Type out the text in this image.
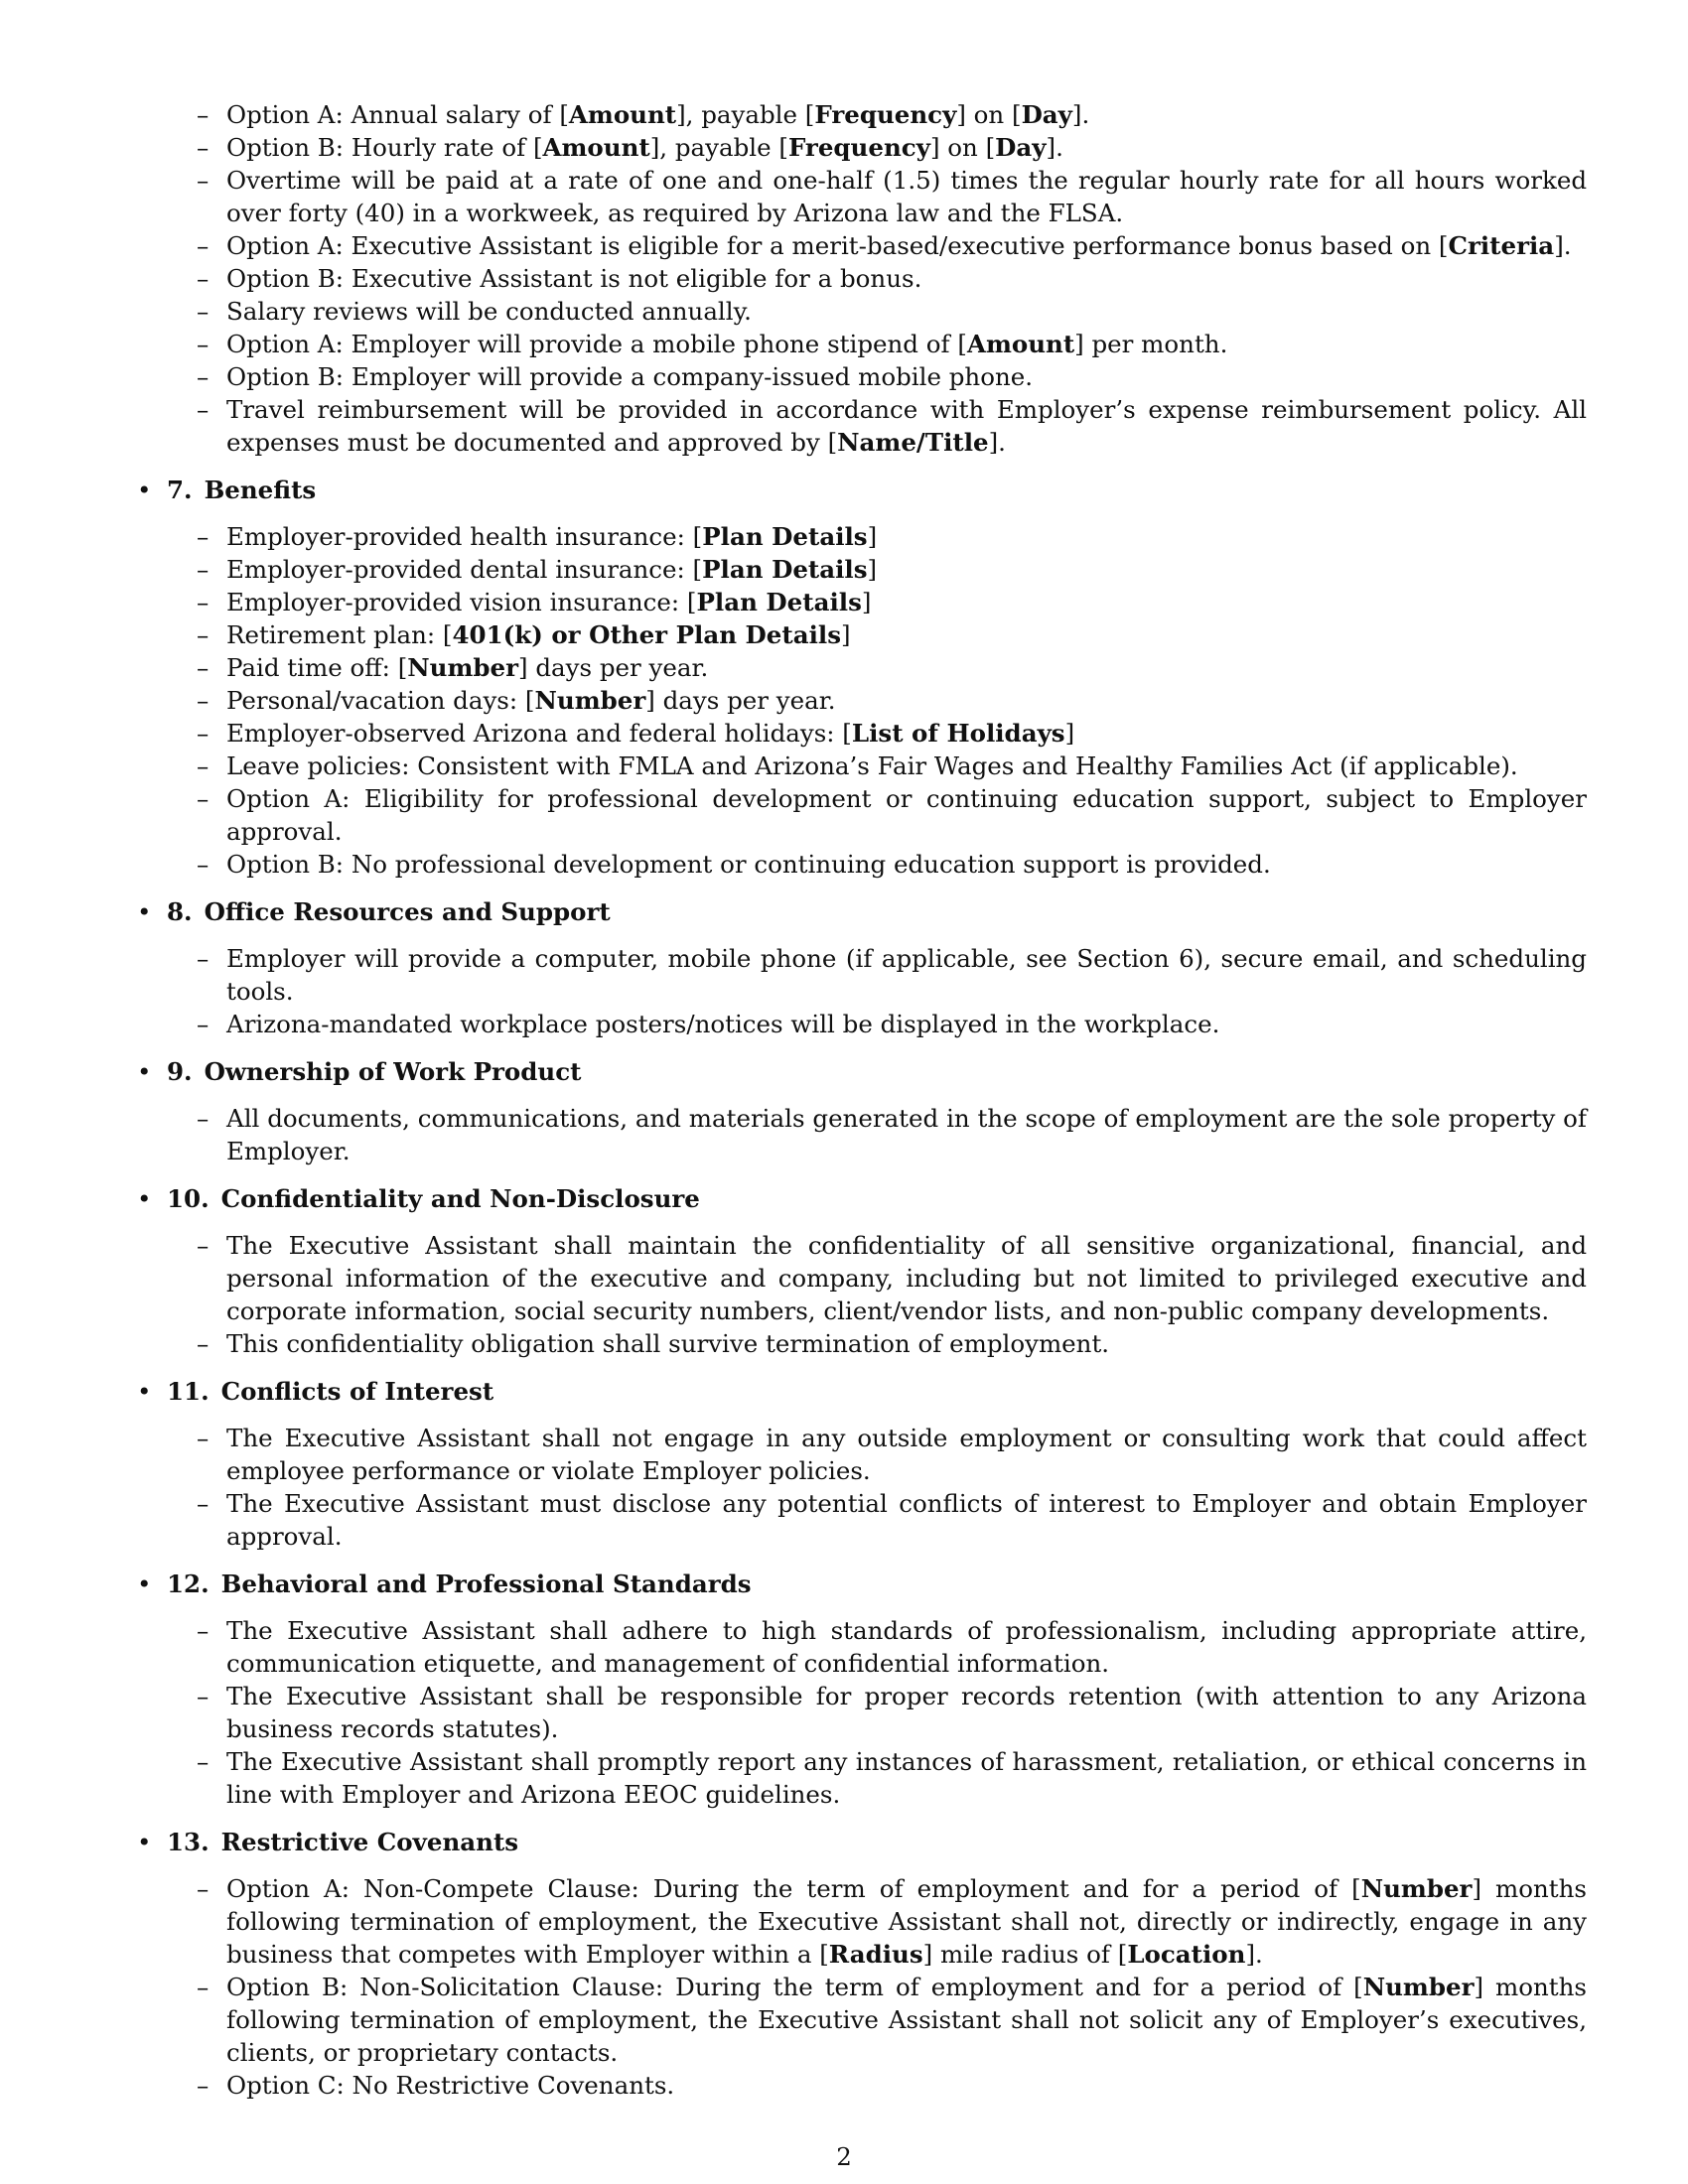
– Option A: Annual salary of [Amount], payable [Frequency] on [Day].
– Option B: Hourly rate of [Amount], payable [Frequency] on [Day].
– Overtime will be paid at a rate of one and one-half (1.5) times the regular hourly rate for all hours worked over forty (40) in a workweek, as required by Arizona law and the FLSA.
– Option A: Executive Assistant is eligible for a merit-based/executive performance bonus based on [Criteria].
– Option B: Executive Assistant is not eligible for a bonus.
– Salary reviews will be conducted annually.
– Option A: Employer will provide a mobile phone stipend of [Amount] per month.
– Option B: Employer will provide a company-issued mobile phone.
– Travel reimbursement will be provided in accordance with Employer’s expense reimbursement policy. All expenses must be documented and approved by [Name/Title].
• 7. Benefits
– Employer-provided health insurance: [Plan Details]
– Employer-provided dental insurance: [Plan Details]
– Employer-provided vision insurance: [Plan Details]
– Retirement plan: [401(k) or Other Plan Details]
– Paid time off: [Number] days per year.
– Personal/vacation days: [Number] days per year.
– Employer-observed Arizona and federal holidays: [List of Holidays]
– Leave policies: Consistent with FMLA and Arizona’s Fair Wages and Healthy Families Act (if applicable).
– Option A: Eligibility for professional development or continuing education support, subject to Employer approval.
– Option B: No professional development or continuing education support is provided.
• 8. Office Resources and Support
– Employer will provide a computer, mobile phone (if applicable, see Section 6), secure email, and scheduling tools.
– Arizona-mandated workplace posters/notices will be displayed in the workplace.
• 9. Ownership of Work Product
– All documents, communications, and materials generated in the scope of employment are the sole property of Employer.
• 10. Confidentiality and Non-Disclosure
– The Executive Assistant shall maintain the confidentiality of all sensitive organizational, financial, and personal information of the executive and company, including but not limited to privileged executive and corporate information, social security numbers, client/vendor lists, and non-public company developments.
– This confidentiality obligation shall survive termination of employment.
• 11. Conflicts of Interest
– The Executive Assistant shall not engage in any outside employment or consulting work that could affect employee performance or violate Employer policies.
– The Executive Assistant must disclose any potential conflicts of interest to Employer and obtain Employer approval.
• 12. Behavioral and Professional Standards
– The Executive Assistant shall adhere to high standards of professionalism, including appropriate attire, communication etiquette, and management of confidential information.
– The Executive Assistant shall be responsible for proper records retention (with attention to any Arizona business records statutes).
– The Executive Assistant shall promptly report any instances of harassment, retaliation, or ethical concerns in line with Employer and Arizona EEOC guidelines.
• 13. Restrictive Covenants
– Option A: Non-Compete Clause: During the term of employment and for a period of [Number] months following termination of employment, the Executive Assistant shall not, directly or indirectly, engage in any business that competes with Employer within a [Radius] mile radius of [Location].
– Option B: Non-Solicitation Clause: During the term of employment and for a period of [Number] months following termination of employment, the Executive Assistant shall not solicit any of Employer’s executives, clients, or proprietary contacts.
– Option C: No Restrictive Covenants.
2
